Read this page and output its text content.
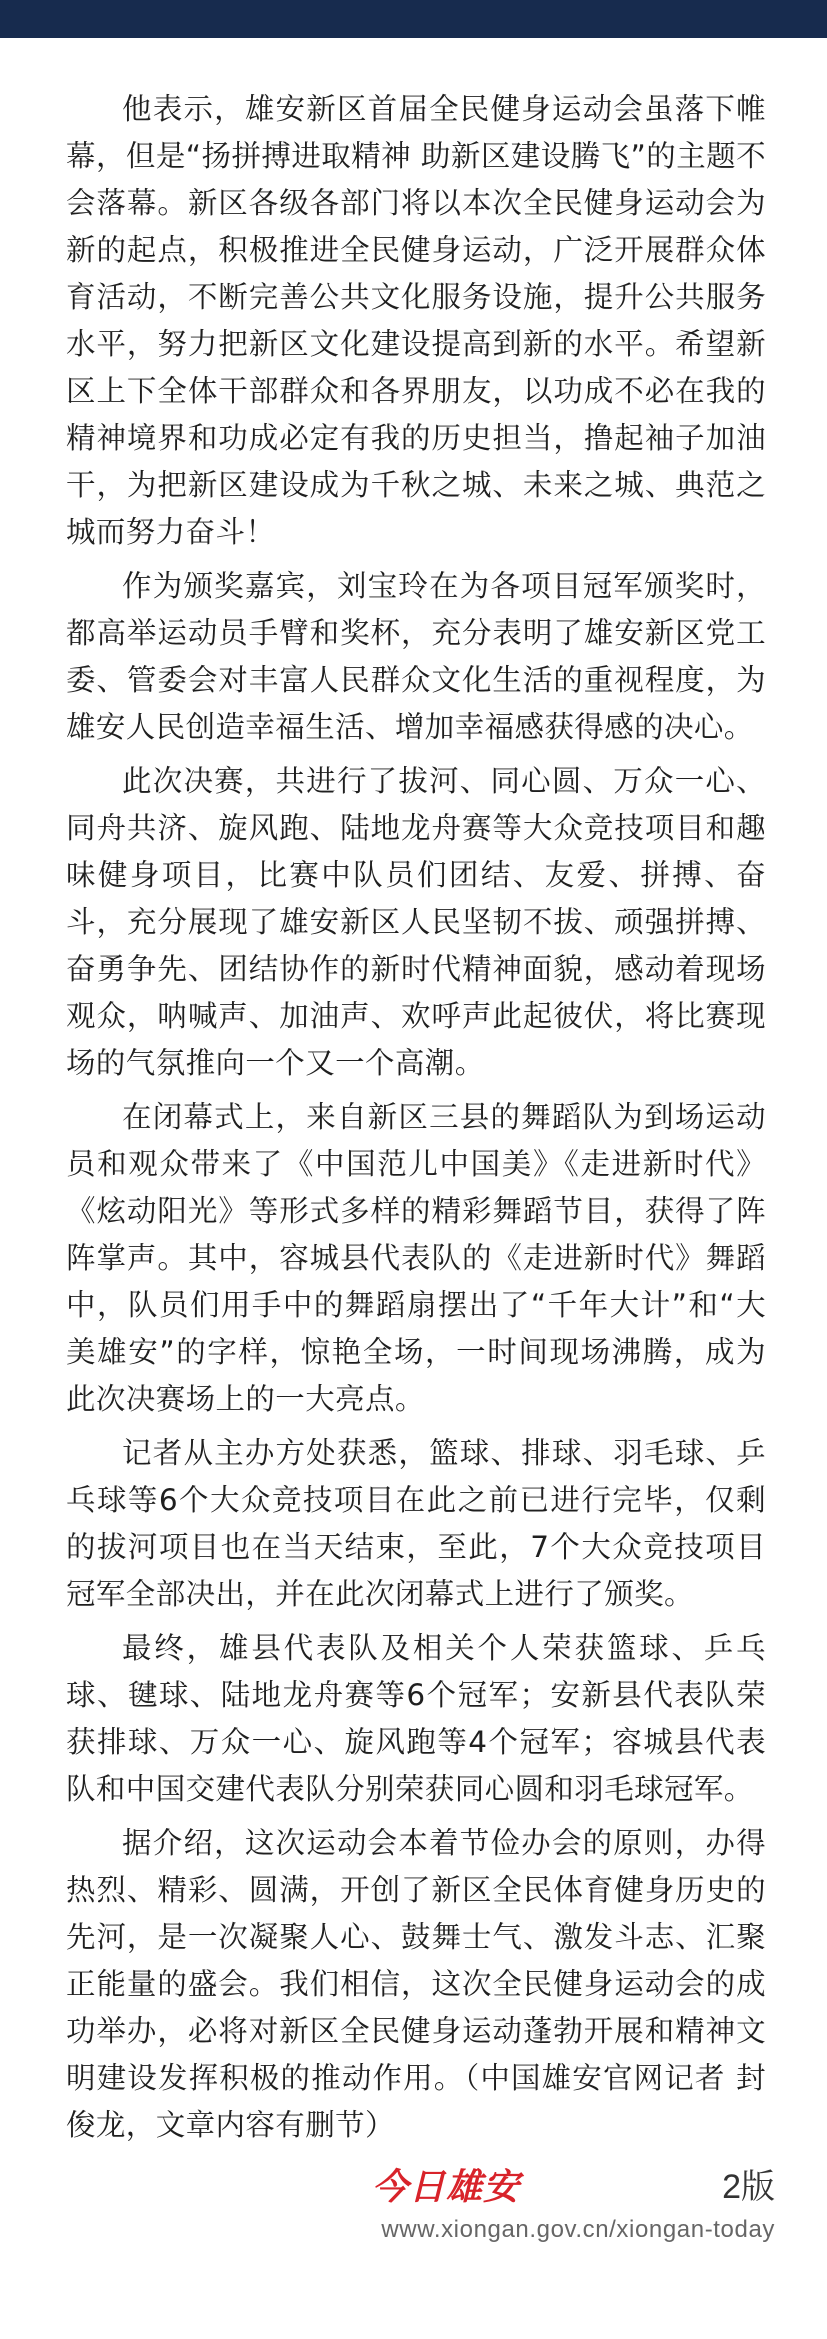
他表示，雄安新区首届全民健身运动会虽落下帷幕，但是“扬拼搏进取精神 助新区建设腾飞”的主题不会落幕。新区各级各部门将以本次全民健身运动会为新的起点，积极推进全民健身运动，广泛开展群众体育活动，不断完善公共文化服务设施，提升公共服务水平，努力把新区文化建设提高到新的水平。希望新区上下全体干部群众和各界朋友，以功成不必在我的精神境界和功成必定有我的历史担当，撸起袖子加油干，为把新区建设成为千秋之城、未来之城、典范之城而努力奋斗！

作为颁奖嘉宾，刘宝玲在为各项目冠军颁奖时，都高举运动员手臂和奖杯，充分表明了雄安新区党工委、管委会对丰富人民群众文化生活的重视程度，为雄安人民创造幸福生活、增加幸福感获得感的决心。

此次决赛，共进行了拔河、同心圆、万众一心、同舟共济、旋风跑、陆地龙舟赛等大众竞技项目和趣味健身项目，比赛中队员们团结、友爱、拼搏、奋斗，充分展现了雄安新区人民坚韧不拔、顽强拼搏、奋勇争先、团结协作的新时代精神面貌，感动着现场观众，呐喊声、加油声、欢呼声此起彼伏，将比赛现场的气氛推向一个又一个高潮。

在闭幕式上，来自新区三县的舞蹈队为到场运动员和观众带来了《中国范儿中国美》《走进新时代》《炫动阳光》等形式多样的精彩舞蹈节目，获得了阵阵掌声。其中，容城县代表队的《走进新时代》舞蹈中，队员们用手中的舞蹈扇摆出了“千年大计”和“大美雄安”的字样，惊艳全场，一时间现场沸腾，成为此次决赛场上的一大亮点。

记者从主办方处获悉，篮球、排球、羽毛球、乒乓球等6个大众竞技项目在此之前已进行完毕，仅剩的拔河项目也在当天结束，至此，7个大众竞技项目冠军全部决出，并在此次闭幕式上进行了颁奖。

最终，雄县代表队及相关个人荣获篮球、乒乓球、毽球、陆地龙舟赛等6个冠军；安新县代表队荣获排球、万众一心、旋风跑等4个冠军；容城县代表队和中国交建代表队分别荣获同心圆和羽毛球冠军。

据介绍，这次运动会本着节俭办会的原则，办得热烈、精彩、圆满，开创了新区全民体育健身历史的先河，是一次凝聚人心、鼓舞士气、激发斗志、汇聚正能量的盛会。我们相信，这次全民健身运动会的成功举办，必将对新区全民健身运动蓬勃开展和精神文明建设发挥积极的推动作用。（中国雄安官网记者 封俊龙，文章内容有删节）

今日雄安	2版
www.xiongan.gov.cn/xiongan-today
